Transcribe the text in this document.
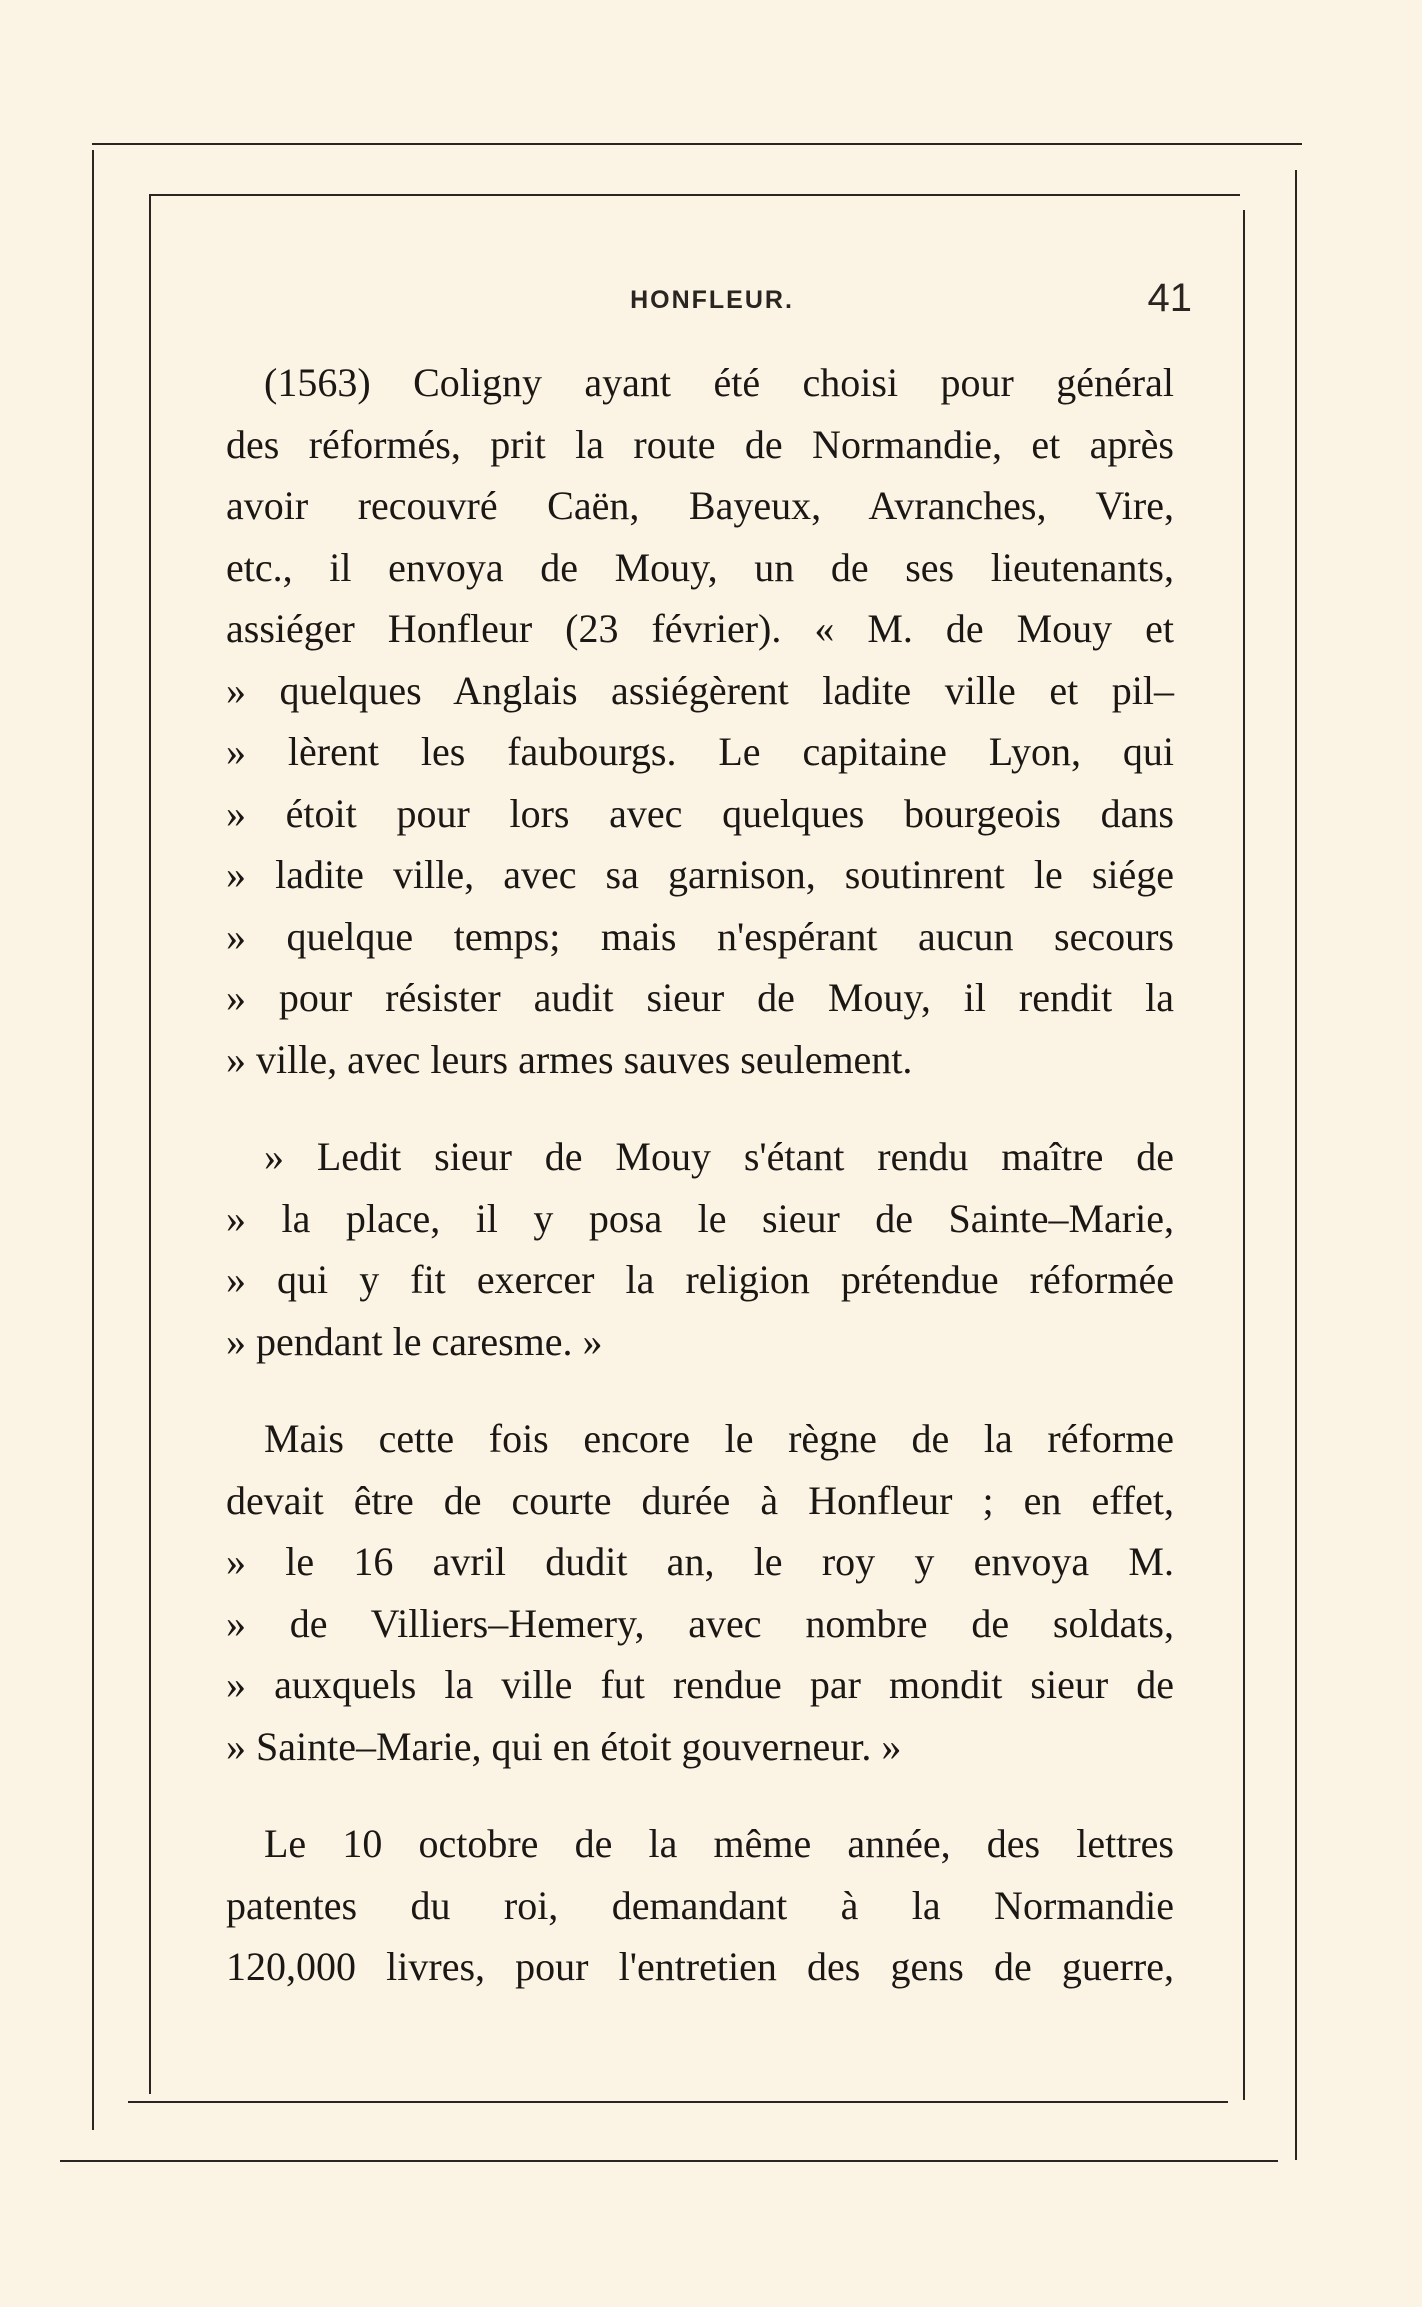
HONFLEUR.	41
(1563) Coligny ayant été choisi pour général
des réformés, prit la route de Normandie, et après
avoir recouvré Caën, Bayeux, Avranches, Vire,
etc., il envoya de Mouy, un de ses lieutenants,
assiéger Honfleur (23 février). « M. de Mouy et
» quelques Anglais assiégèrent ladite ville et pil–
» lèrent les faubourgs. Le capitaine Lyon, qui
» étoit pour lors avec quelques bourgeois dans
» ladite ville, avec sa garnison, soutinrent le siége
» quelque temps; mais n'espérant aucun secours
» pour résister audit sieur de Mouy, il rendit la
» ville, avec leurs armes sauves seulement.
» Ledit sieur de Mouy s'étant rendu maître de
» la place, il y posa le sieur de Sainte–Marie,
» qui y fit exercer la religion prétendue réformée
» pendant le caresme. »
Mais cette fois encore le règne de la réforme
devait être de courte durée à Honfleur ; en effet,
» le 16 avril dudit an, le roy y envoya M.
» de Villiers–Hemery, avec nombre de soldats,
» auxquels la ville fut rendue par mondit sieur de
» Sainte–Marie, qui en étoit gouverneur. »
Le 10 octobre de la même année, des lettres
patentes du roi, demandant à la Normandie
120,000 livres, pour l'entretien des gens de guerre,
